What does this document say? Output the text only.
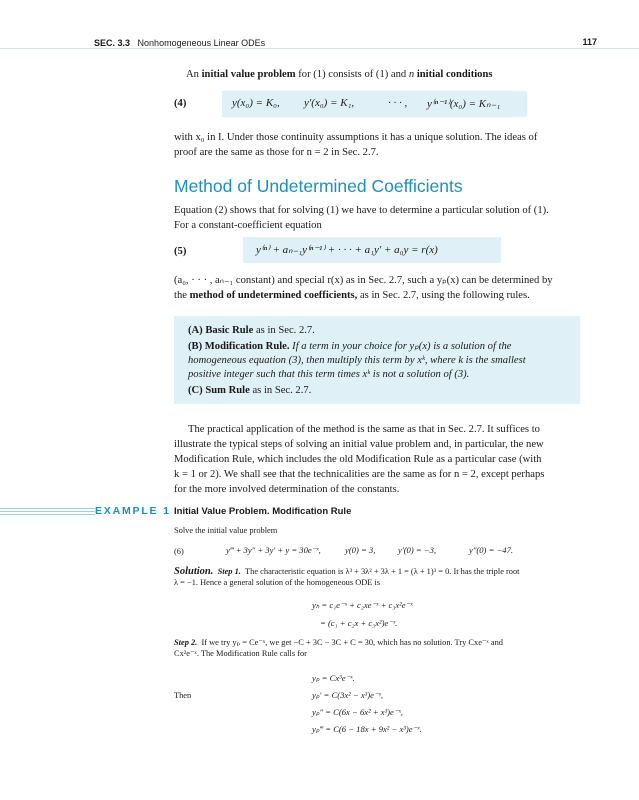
SEC. 3.3 Nonhomogeneous Linear ODEs	117
An initial value problem for (1) consists of (1) and n initial conditions
(4)	y(x₀) = K₀, y′(x₀) = K₁,	· · · , y⁽ⁿ⁻¹⁾(x₀) = Kₙ₋₁
with x₀ in I. Under those continuity assumptions it has a unique solution. The ideas of
proof are the same as those for n = 2 in Sec. 2.7.
Method of Undetermined Coefficients
Equation (2) shows that for solving (1) we have to determine a particular solution of (1).
For a constant-coefficient equation
(5)	y⁽ⁿ⁾ + aₙ₋₁y⁽ⁿ⁻¹⁾ + · · · + a₁y′ + a₀y = r(x)
(a₀, · · · , aₙ₋₁ constant) and special r(x) as in Sec. 2.7, such a yₚ(x) can be determined by
the method of undetermined coefficients, as in Sec. 2.7, using the following rules.
(A) Basic Rule as in Sec. 2.7.
(B) Modification Rule. If a term in your choice for yₚ(x) is a solution of the
homogeneous equation (3), then multiply this term by xᵏ, where k is the smallest
positive integer such that this term times xᵏ is not a solution of (3).
(C) Sum Rule as in Sec. 2.7.
The practical application of the method is the same as that in Sec. 2.7. It suffices to
illustrate the typical steps of solving an initial value problem and, in particular, the new
Modification Rule, which includes the old Modification Rule as a particular case (with
k = 1 or 2). We shall see that the technicalities are the same as for n = 2, except perhaps
for the more involved determination of the constants.
EXAMPLE 1 Initial Value Problem. Modification Rule
Solve the initial value problem
(6)	y‴ + 3y″ + 3y′ + y = 30e⁻ˣ,	y(0) = 3,	y′(0) = −3,	y″(0) = −47.
Solution. Step 1. The characteristic equation is λ³ + 3λ² + 3λ + 1 = (λ + 1)³ = 0. It has the triple root
λ = −1. Hence a general solution of the homogeneous ODE is
yₕ = c₁e⁻ˣ + c₂xe⁻ˣ + c₃x²e⁻ˣ
= (c₁ + c₂x + c₃x²)e⁻ˣ.
Step 2. If we try yₚ = Ce⁻ˣ, we get −C + 3C − 3C + C = 30, which has no solution. Try Cxe⁻ˣ and
Cx²e⁻ˣ. The Modification Rule calls for
yₚ = Cx³e⁻ˣ.
Then	yₚ′ = C(3x² − x³)e⁻ˣ,
yₚ″ = C(6x − 6x² + x³)e⁻ˣ,
yₚ‴ = C(6 − 18x + 9x² − x³)e⁻ˣ.
